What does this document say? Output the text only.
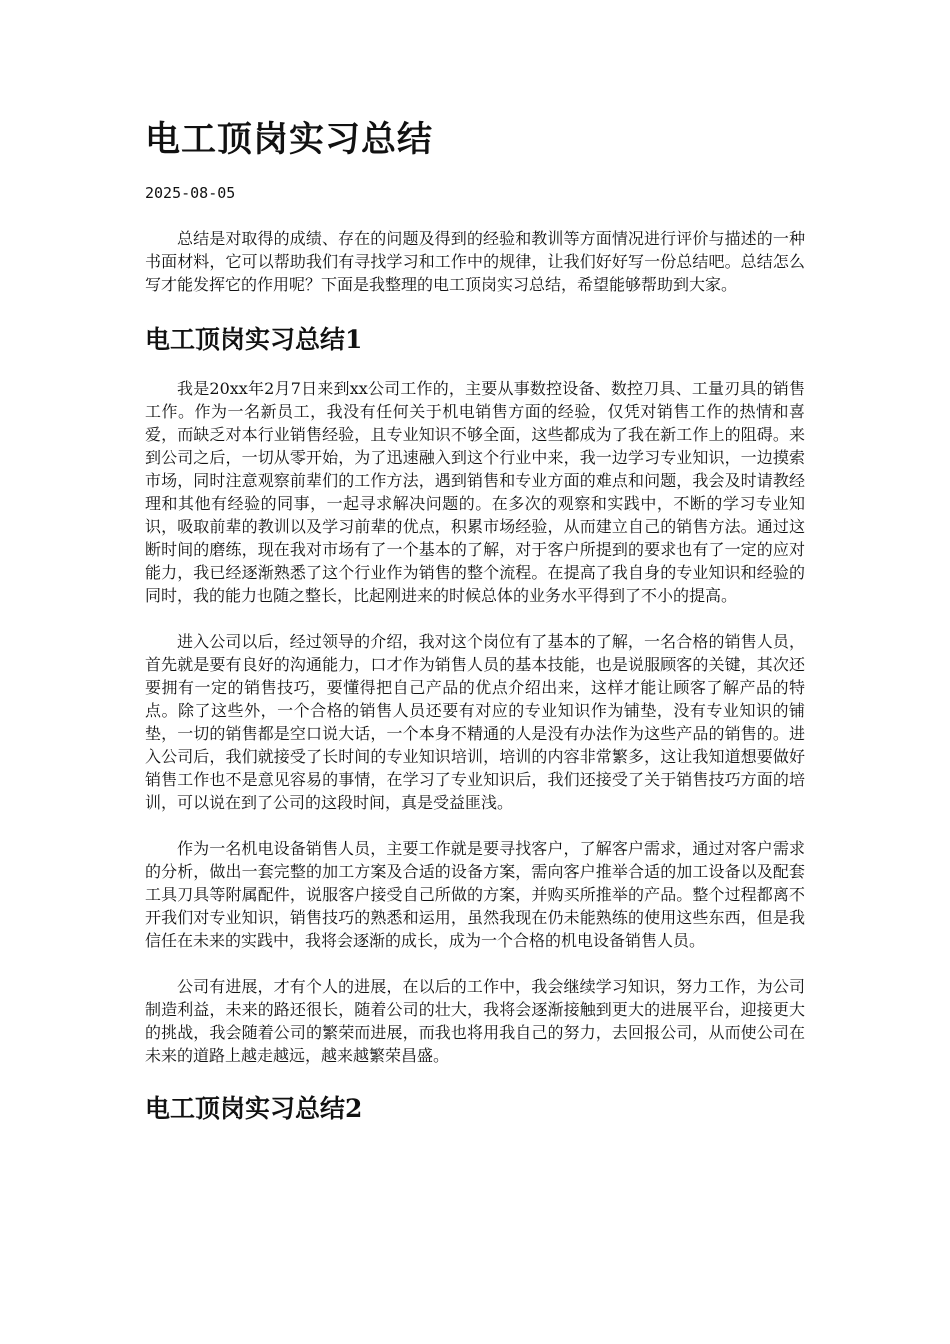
电工顶岗实习总结
2025-08-05

总结是对取得的成绩、存在的问题及得到的经验和教训等方面情况进行评价与描述的一种书面材料，它可以帮助我们有寻找学习和工作中的规律，让我们好好写一份总结吧。总结怎么写才能发挥它的作用呢？下面是我整理的电工顶岗实习总结，希望能够帮助到大家。

电工顶岗实习总结1

我是20xx年2月7日来到xx公司工作的，主要从事数控设备、数控刀具、工量刃具的销售工作。作为一名新员工，我没有任何关于机电销售方面的经验，仅凭对销售工作的热情和喜爱，而缺乏对本行业销售经验，且专业知识不够全面，这些都成为了我在新工作上的阻碍。来到公司之后，一切从零开始，为了迅速融入到这个行业中来，我一边学习专业知识，一边摸索市场，同时注意观察前辈们的工作方法，遇到销售和专业方面的难点和问题，我会及时请教经理和其他有经验的同事，一起寻求解决问题的。在多次的观察和实践中，不断的学习专业知识，吸取前辈的教训以及学习前辈的优点，积累市场经验，从而建立自己的销售方法。通过这断时间的磨练，现在我对市场有了一个基本的了解，对于客户所提到的要求也有了一定的应对能力，我已经逐渐熟悉了这个行业作为销售的整个流程。在提高了我自身的专业知识和经验的同时，我的能力也随之整长，比起刚进来的时候总体的业务水平得到了不小的提高。

进入公司以后，经过领导的介绍，我对这个岗位有了基本的了解，一名合格的销售人员，首先就是要有良好的沟通能力，口才作为销售人员的基本技能，也是说服顾客的关键，其次还要拥有一定的销售技巧，要懂得把自己产品的优点介绍出来，这样才能让顾客了解产品的特点。除了这些外，一个合格的销售人员还要有对应的专业知识作为铺垫，没有专业知识的铺垫，一切的销售都是空口说大话，一个本身不精通的人是没有办法作为这些产品的销售的。进入公司后，我们就接受了长时间的专业知识培训，培训的内容非常繁多，这让我知道想要做好销售工作也不是意见容易的事情，在学习了专业知识后，我们还接受了关于销售技巧方面的培训，可以说在到了公司的这段时间，真是受益匪浅。

作为一名机电设备销售人员，主要工作就是要寻找客户，了解客户需求，通过对客户需求的分析，做出一套完整的加工方案及合适的设备方案，需向客户推举合适的加工设备以及配套工具刀具等附属配件，说服客户接受自己所做的方案，并购买所推举的产品。整个过程都离不开我们对专业知识，销售技巧的熟悉和运用，虽然我现在仍未能熟练的使用这些东西，但是我信任在未来的实践中，我将会逐渐的成长，成为一个合格的机电设备销售人员。

公司有进展，才有个人的进展，在以后的工作中，我会继续学习知识，努力工作，为公司制造利益，未来的路还很长，随着公司的壮大，我将会逐渐接触到更大的进展平台，迎接更大的挑战，我会随着公司的繁荣而进展，而我也将用我自己的努力，去回报公司，从而使公司在未来的道路上越走越远，越来越繁荣昌盛。

电工顶岗实习总结2
